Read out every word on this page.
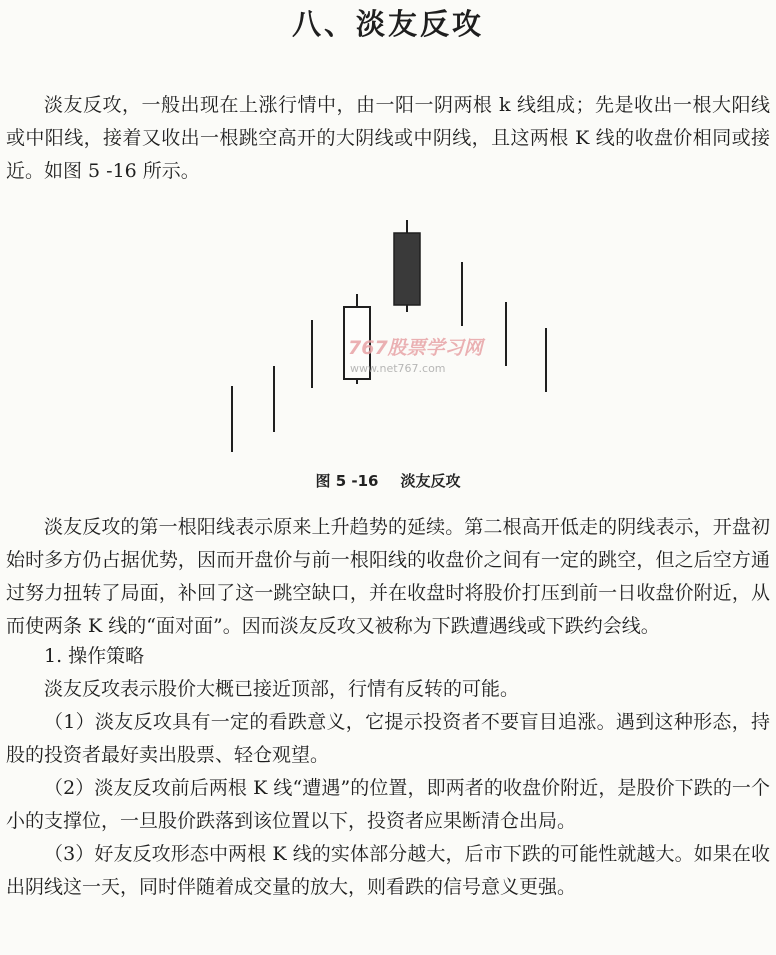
八、淡友反攻

淡友反攻，一般出现在上涨行情中，由一阳一阴两根 k 线组成；先是收出一根大阳线或中阳线，接着又收出一根跳空高开的大阴线或中阴线，且这两根 K 线的收盘价相同或接近。如图 5 -16 所示。

767股票学习网
www.net767.com
图 5 -16 淡友反攻

淡友反攻的第一根阳线表示原来上升趋势的延续。第二根高开低走的阴线表示，开盘初始时多方仍占据优势，因而开盘价与前一根阳线的收盘价之间有一定的跳空，但之后空方通过努力扭转了局面，补回了这一跳空缺口，并在收盘时将股价打压到前一日收盘价附近，从而使两条 K 线的“面对面”。因而淡友反攻又被称为下跌遭遇线或下跌约会线。

1. 操作策略

淡友反攻表示股价大概已接近顶部，行情有反转的可能。

（1）淡友反攻具有一定的看跌意义，它提示投资者不要盲目追涨。遇到这种形态，持股的投资者最好卖出股票、轻仓观望。

（2）淡友反攻前后两根 K 线“遭遇”的位置，即两者的收盘价附近，是股价下跌的一个小的支撑位，一旦股价跌落到该位置以下，投资者应果断清仓出局。

（3）好友反攻形态中两根 K 线的实体部分越大，后市下跌的可能性就越大。如果在收出阴线这一天，同时伴随着成交量的放大，则看跌的信号意义更强。
